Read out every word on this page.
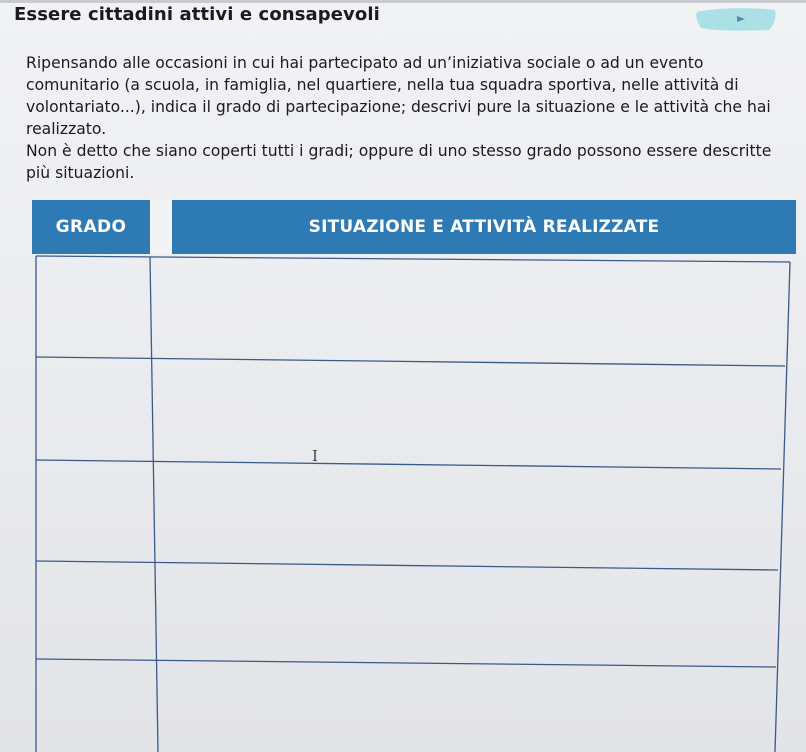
Essere cittadini attivi e consapevoli

Ripensando alle occasioni in cui hai partecipato ad un’iniziativa sociale o ad un evento comunitario (a scuola, in famiglia, nel quartiere, nella tua squadra sportiva, nelle attività di volontariato...), indica il grado di partecipazione; descrivi pure la situazione e le attività che hai realizzato.

Non è detto che siano coperti tutti i gradi; oppure di uno stesso grado possono essere descritte più situazioni.

GRADO	SITUAZIONE E ATTIVITÀ REALIZZATE
I
